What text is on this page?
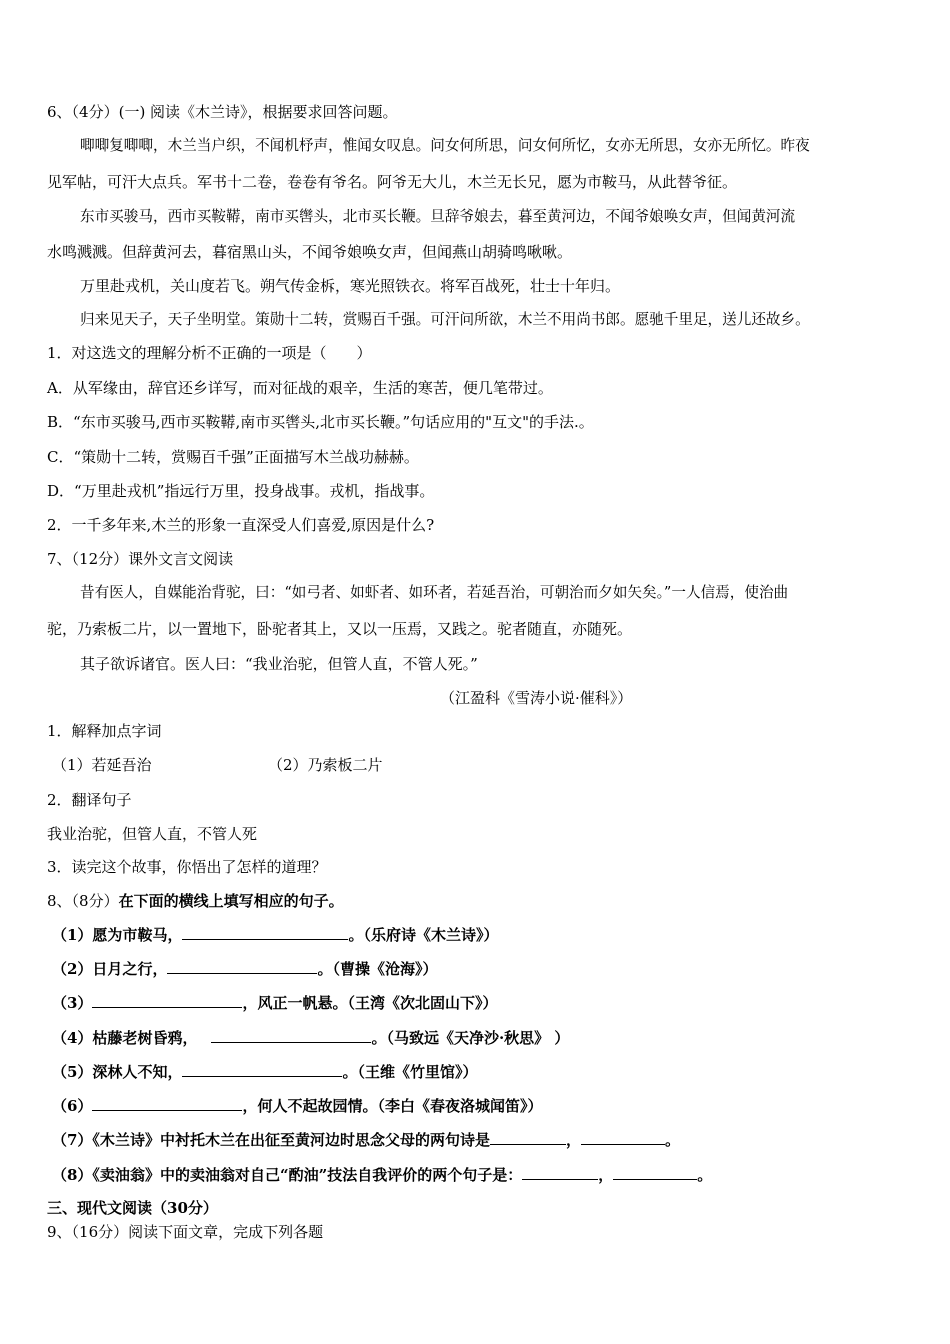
6、（4分）(一) 阅读《木兰诗》，根据要求回答问题。
唧唧复唧唧，木兰当户织，不闻机杼声，惟闻女叹息。问女何所思，问女何所忆，女亦无所思，女亦无所忆。昨夜
见军帖，可汗大点兵。军书十二卷，卷卷有爷名。阿爷无大儿，木兰无长兄，愿为市鞍马，从此替爷征。
东市买骏马，西市买鞍鞯，南市买辔头，北市买长鞭。旦辞爷娘去，暮至黄河边，不闻爷娘唤女声，但闻黄河流
水鸣溅溅。但辞黄河去，暮宿黑山头，不闻爷娘唤女声，但闻燕山胡骑鸣啾啾。
万里赴戎机，关山度若飞。朔气传金柝，寒光照铁衣。将军百战死，壮士十年归。
归来见天子，天子坐明堂。策勋十二转，赏赐百千强。可汗问所欲，木兰不用尚书郎。愿驰千里足，送儿还故乡。
1．对这选文的理解分析不正确的一项是（　　）
A．从军缘由，辞官还乡详写，而对征战的艰辛，生活的寒苦，便几笔带过。
B．“东市买骏马,西市买鞍鞯,南市买辔头,北市买长鞭。”句话应用的"互文"的手法.。
C．“策勋十二转，赏赐百千强”正面描写木兰战功赫赫。
D．“万里赴戎机”指远行万里，投身战事。戎机，指战事。
2．一千多年来,木兰的形象一直深受人们喜爱,原因是什么?
7、（12分）课外文言文阅读
昔有医人，自媒能治背驼，曰：“如弓者、如虾者、如环者，若延吾治，可朝治而夕如矢矣。”一人信焉，使治曲
驼，乃索板二片，以一置地下，卧驼者其上，又以一压焉，又践之。驼者随直，亦随死。
其子欲诉诸官。医人曰：“我业治驼，但管人直，不管人死。”
（江盈科《雪涛小说·催科》）
1．解释加点字词
（1）若延吾治	（2）乃索板二片
2．翻译句子
我业治驼，但管人直，不管人死
3．读完这个故事，你悟出了怎样的道理？
8、（8分）在下面的横线上填写相应的句子。
（1）愿为市鞍马，	。（乐府诗《木兰诗》）
（2）日月之行，	。（曹操《沧海》）
（3）	，风正一帆悬。（王湾《次北固山下》）
（4）枯藤老树昏鸦，	。（马致远《天净沙·秋思》 ）
（5）深林人不知，	。（王维《竹里馆》）
（6）	，何人不起故园情。（李白《春夜洛城闻笛》）
（7）《木兰诗》中衬托木兰在出征至黄河边时思念父母的两句诗是	，	。
（8）《卖油翁》中的卖油翁对自己“酌油”技法自我评价的两个句子是：	，	。
三、现代文阅读（30分）
9、（16分）阅读下面文章，完成下列各题
